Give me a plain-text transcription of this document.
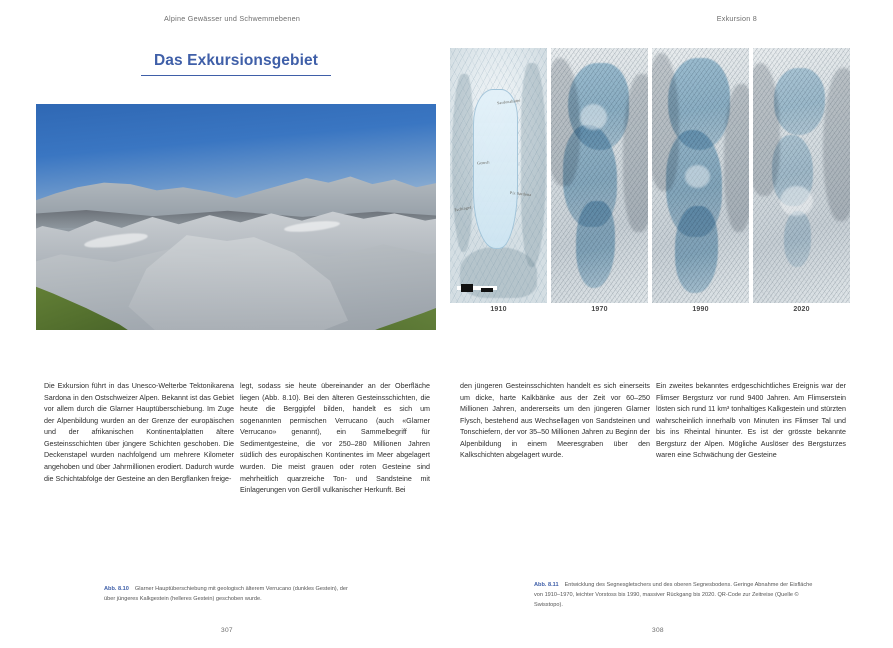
Alpine Gewässer und Schwemmebenen	Exkursion 8
Das Exkursionsgebiet
Sardonahütte
Gemsli
Piz Sardona
Tschingel
1910	1970	1990	2020

Die Exkursion führt in das Unesco-Welterbe Tektonikarena Sardona in den Ostschweizer Alpen. Bekannt ist das Gebiet vor allem durch die Glarner Hauptüberschiebung. Im Zuge der Alpenbildung wurden an der Grenze der europäischen und der afrikanischen Kontinentalplatten ältere Gesteinsschichten über jüngere Schichten geschoben. Die Deckenstapel wurden nachfolgend um mehrere Kilometer angehoben und über Jahrmillionen erodiert. Dadurch wurde die Schichtabfolge der Gesteine an den Bergflanken freige-

legt, sodass sie heute übereinander an der Oberfläche liegen (Abb. 8.10). Bei den älteren Gesteinsschichten, die heute die Berggipfel bilden, handelt es sich um sogenannten permischen Verrucano (auch «Glarner Verrucano» genannt), ein Sammelbegriff für Sedimentgesteine, die vor 250–280 Millionen Jahren südlich des europäischen Kontinentes im Meer abgelagert wurden. Die meist grauen oder roten Gesteine sind mehrheitlich quarzreiche Ton- und Sandsteine mit Einlagerungen von Geröll vulkanischer Herkunft. Bei

den jüngeren Gesteinsschichten handelt es sich einerseits um dicke, harte Kalkbänke aus der Zeit vor 60–250 Millionen Jahren, andererseits um den jüngeren Glarner Flysch, bestehend aus Wechsellagen von Sandsteinen und Tonschiefern, der vor 35–50 Millionen Jahren zu Beginn der Alpenbildung in einem Meeresgraben über den Kalkschichten abgelagert wurde.

Ein zweites bekanntes erdgeschichtliches Ereignis war der Flimser Bergsturz vor rund 9400 Jahren. Am Flimserstein lösten sich rund 11 km³ tonhaltiges Kalkgestein und stürzten wahrscheinlich innerhalb von Minuten ins Flimser Tal und bis ins Rheintal hinunter. Es ist der grösste bekannte Bergsturz der Alpen. Mögliche Auslöser des Bergsturzes waren eine Schwächung der Gesteine

Abb. 8.10 Glarner Hauptüberschiebung mit geologisch älterem Verrucano (dunkles Gestein), der über jüngeres Kalkgestein (helleres Gestein) geschoben wurde.
Abb. 8.11 Entwicklung des Segnesgletschers und des oberen Segnesbodens. Geringe Abnahme der Eisfläche von 1910–1970, leichter Vorstoss bis 1990, massiver Rückgang bis 2020. QR-Code zur Zeitreise (Quelle © Swisstopo).
307	308
